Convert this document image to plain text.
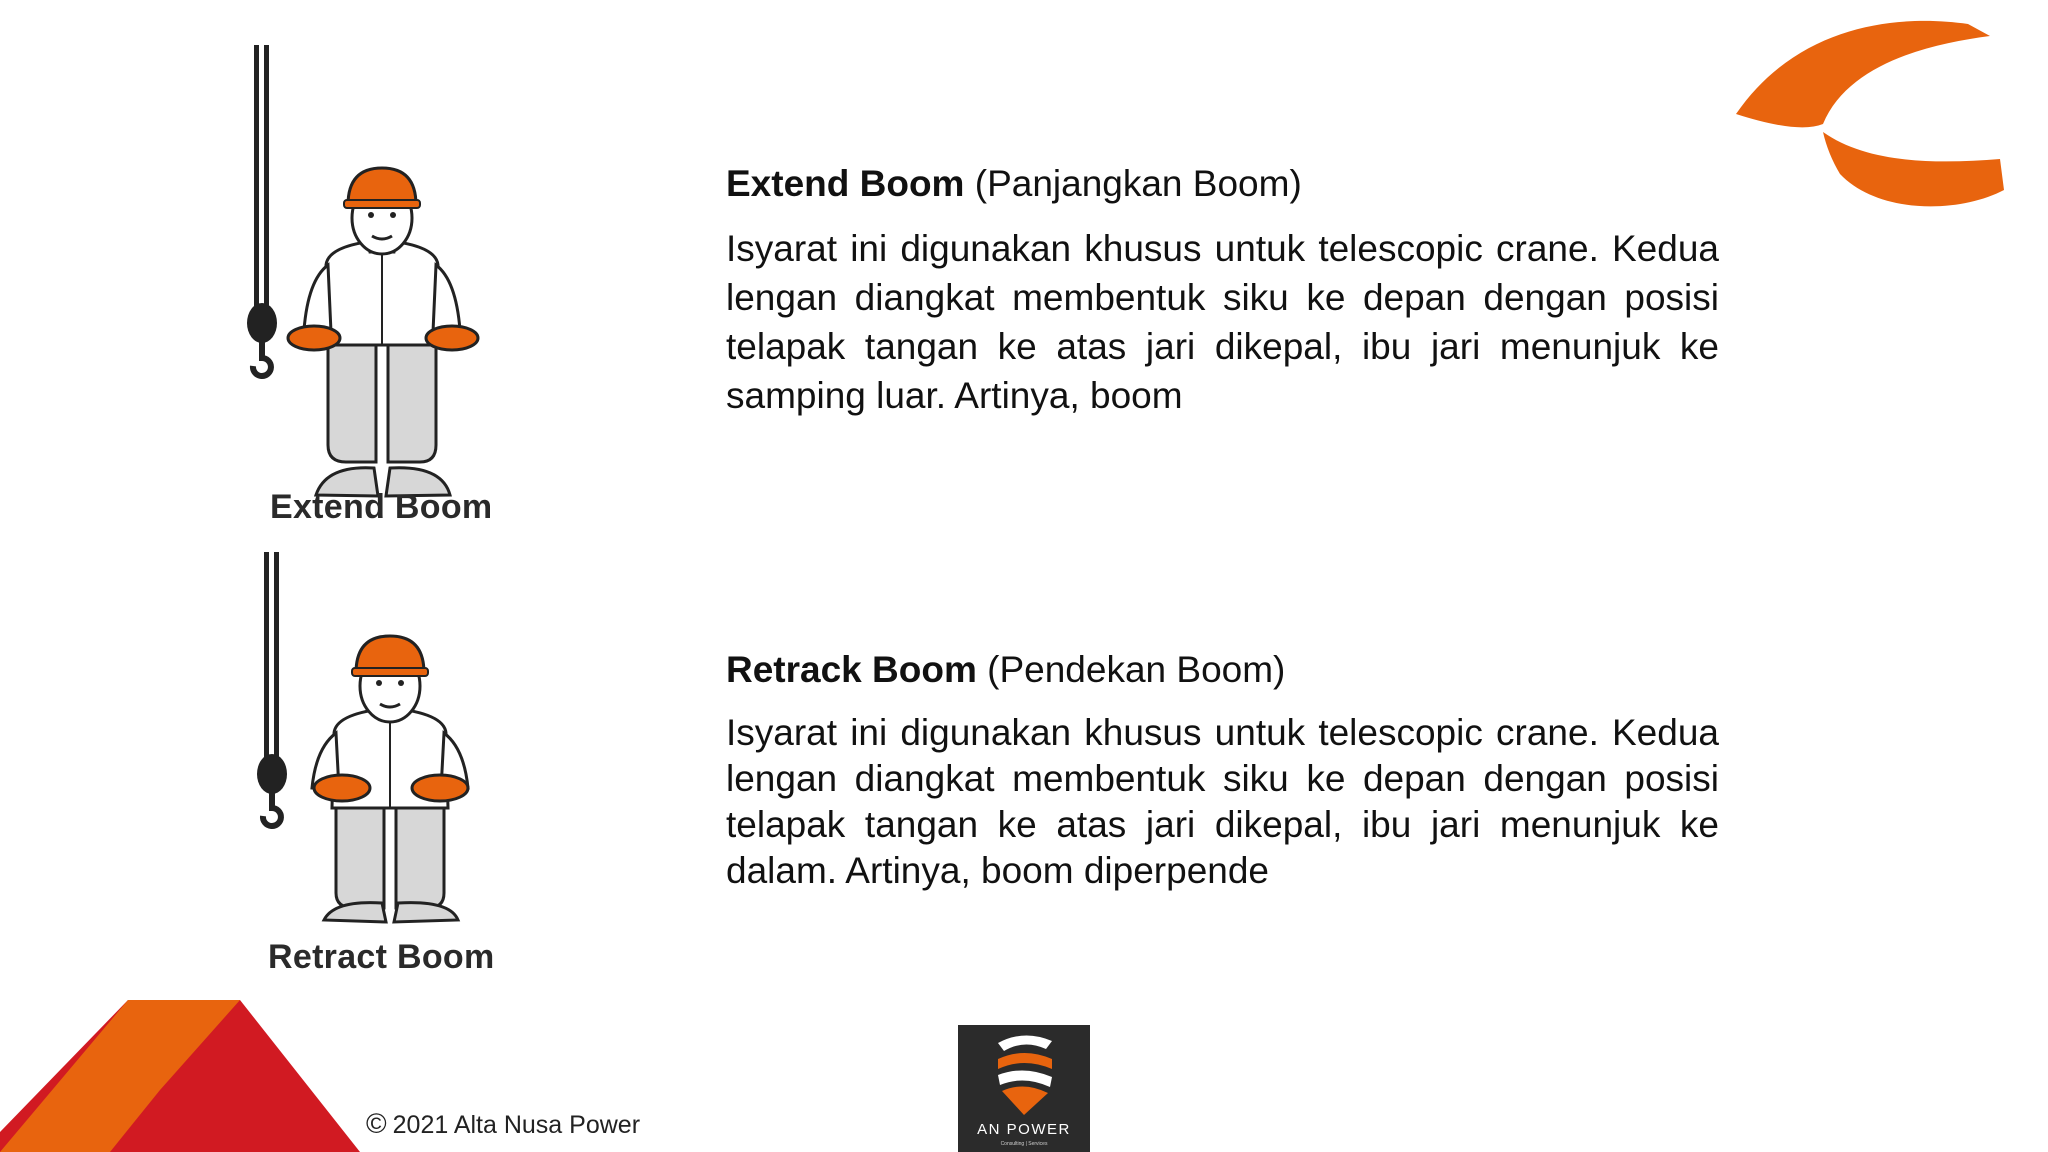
Extend Boom
Retract Boom
Extend Boom (Panjangkan Boom)

Isyarat ini digunakan khusus untuk telescopic crane. Kedua lengan diangkat membentuk siku ke depan dengan posisi telapak tangan ke atas jari dikepal, ibu jari menunjuk ke samping luar. Artinya, boom

Retrack Boom (Pendekan Boom)

Isyarat ini digunakan khusus untuk telescopic crane. Kedua lengan diangkat membentuk siku ke depan dengan posisi telapak tangan ke atas jari dikepal, ibu jari menunjuk ke dalam. Artinya, boom diperpende

© 2021 Alta Nusa Power	AN POWER
Consulting | Services
